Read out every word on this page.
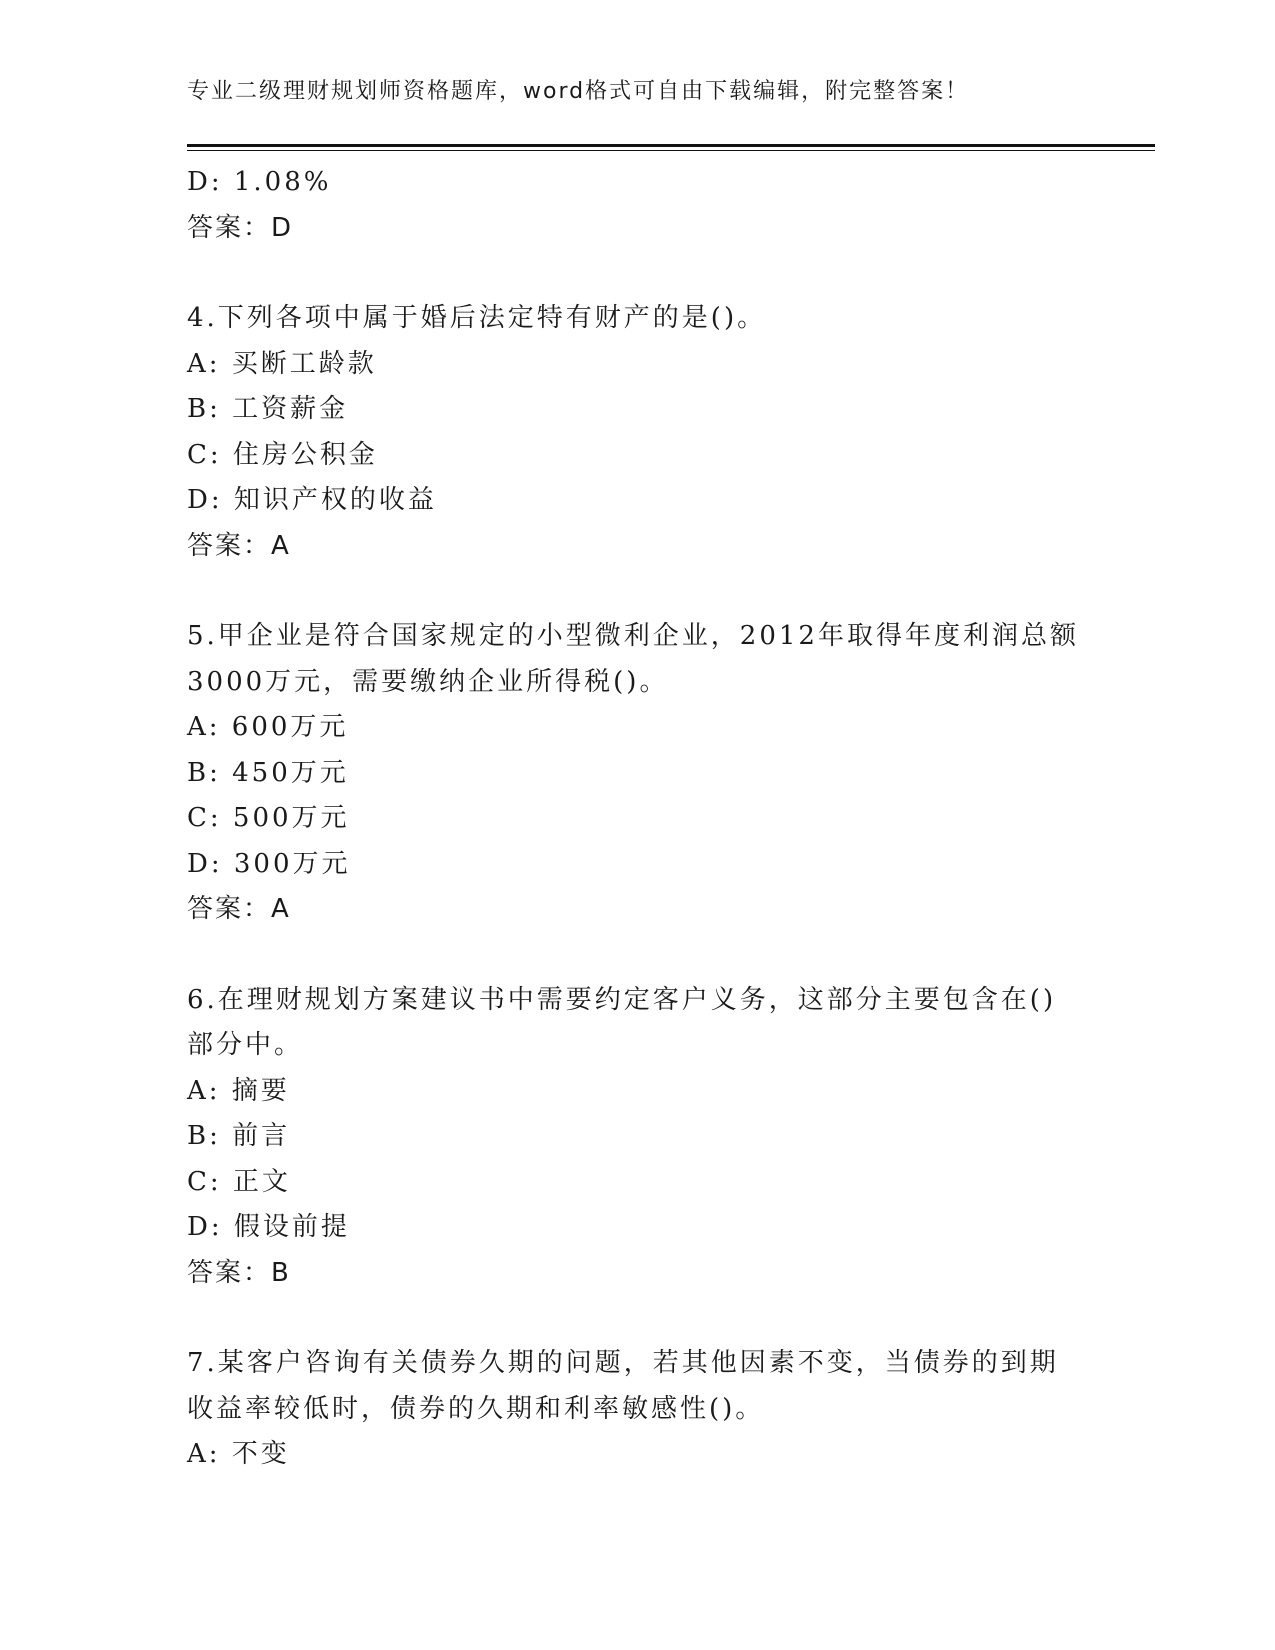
专业二级理财规划师资格题库，word格式可自由下载编辑，附完整答案！
D: 1.08%
答案：D
4.下列各项中属于婚后法定特有财产的是()。
A: 买断工龄款
B: 工资薪金
C: 住房公积金
D: 知识产权的收益
答案：A
5.甲企业是符合国家规定的小型微利企业，2012年取得年度利润总额
3000万元，需要缴纳企业所得税()。
A: 600万元
B: 450万元
C: 500万元
D: 300万元
答案：A
6.在理财规划方案建议书中需要约定客户义务，这部分主要包含在()
部分中。
A: 摘要
B: 前言
C: 正文
D: 假设前提
答案：B
7.某客户咨询有关债券久期的问题，若其他因素不变，当债券的到期
收益率较低时，债券的久期和利率敏感性()。
A: 不变
